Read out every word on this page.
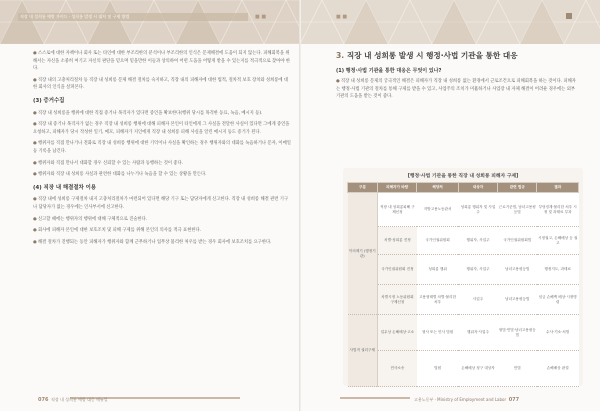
직장 내 성희롱 예방 가이드 · 성희롱 발생 시 대처 및 구제 방법	■ ■	■ ■

●스스로에 대한 자책이나 회사 또는 타인에 대한 부조리한의 분석이나 부조리한의 인식은 문제해결에 도움이 되지 않는다. 피해회복을 위해서는 자신을 소중히 여기고 자신의 판단을 믿으며 믿을만한 이들과 상의하여 어떤 도움을 어떻게 받을 수 있는지를 적극적으로 찾아야 한다.

●직장 내의 고충처리절차 등 직장 내 성희롱 문제 해결 절차를 숙지하고, 직장 내의 피해자에 대한 법적, 절차적 보호 장치와 성희롱에 대한 회사의 인식을 살펴본다.

(3) 증거수집

●직장 내 성희롱을 행위에 대한 직접 증거나 목격자가 있다면 증언을 확보한다(행위 당시를 목격한 동료, 녹음, 메시지 등).

●직장 내 증거나 목격자가 없는 경우 직장 내 성희롱 행위에 대해 피해자 본인이 타인에게 그 사실을 전달한 사실이 있다면 그에게 증언을 요청하고, 피해자가 당시 작성한 일기, 메모, 피해자가 지인에게 직장 내 성희롱 피해 사실을 알린 메시지 등도 증거가 된다.

●행위자를 직접 만나거나 전화로 직장 내 성희롱 행위에 대한 기억이나 사실을 확인하는 경우 행위자와의 대화를 녹음하거나 문자, 이메일 등 기록을 남긴다.

●행위자와 직접 만나서 대화할 경우 신뢰할 수 있는 사람과 동행하는 것이 좋다.

●행위자와 직장 내 성희롱 사실과 관련한 대화를 나누거나 녹음을 할 수 있는 상황을 만든다.

(4) 직장 내 해결절차 이용

●직장 내에 성희롱 구제절차 내지 고충처리절차가 마련되어 있다면 해당 기구 또는 담당자에게 신고한다. 직장 내 성희롱 해결 관련 기구나 담당자가 없는 경우에는 인사부서에 신고한다.

●신고할 때에는 행위자의 행위에 대해 구체적으로 진술한다.

●회사에 피해자 본인에 대한 보호조치 및 피해 구제를 위해 본인의 의사를 적극 표현한다.

●해결 절차가 진행되는 동안 피해자가 행위자와 함께 근무하거나 업무상 불리한 처우를 받는 경우 회사에 보호조치를 요구한다.

3. 직장 내 성희롱 발생 시 행정·사법 기관을 통한 대응
(1) 행정·사법 기관을 통한 대응은 무엇이 있나?
●직장 내 성희롱 문제의 궁극적인 해결은 피해자가 직장 내 성희롱 없는 환경에서 근로조건으로 피해회복을 하는 것이다. 피해자는 행정·사법 기관의 절차를 통해 구제를 받을 수 있고, 사업주의 조치가 미흡하거나 사업장 내 자체 해결이 어려운 경우에는 외부 기관의 도움을 받는 것이 좋다.
[행정·사법 기관을 통한 직장 내 성희롱 피해자 구제]
구분	피해자가 바람	해당처	대상자	관련 법규	결과
이의제기 (행정기관)	직장 내 성희롱피해 구제신청	지방고용노동관서	성희롱 행위자 및 사업주	근로기준법, 남녀고용평등법	부당징계·불리한 처우 시정 및 과태료 부과
	차별·성희롱 진정	국가인권위원회	행위자, 사업주	국가인권위원회법	시정권고, 손해배상 등 권고
	국가인권위원회 진정	성희롱 행위	행위자, 사업주	남녀고용평등법	행정지도, 과태료
	차별시정 노동위원회 구제신청	고용형태별 차별·불리한 처우	사업주	남녀고용평등법	임금 손해액 배상·시정명령
사법적 권리구제	업무상 손해배상·고소	형사 또는 민사 법원	행위자·사업주	형법·민법·남녀고용평등법	수사·기소·처벌
	민사소송	법원	손해배상 청구 대상자	민법	손해배상 판결
076 직장 내 성희롱 예방 대응 매뉴얼	고용노동부 · Ministry of Employment and Labor 077
